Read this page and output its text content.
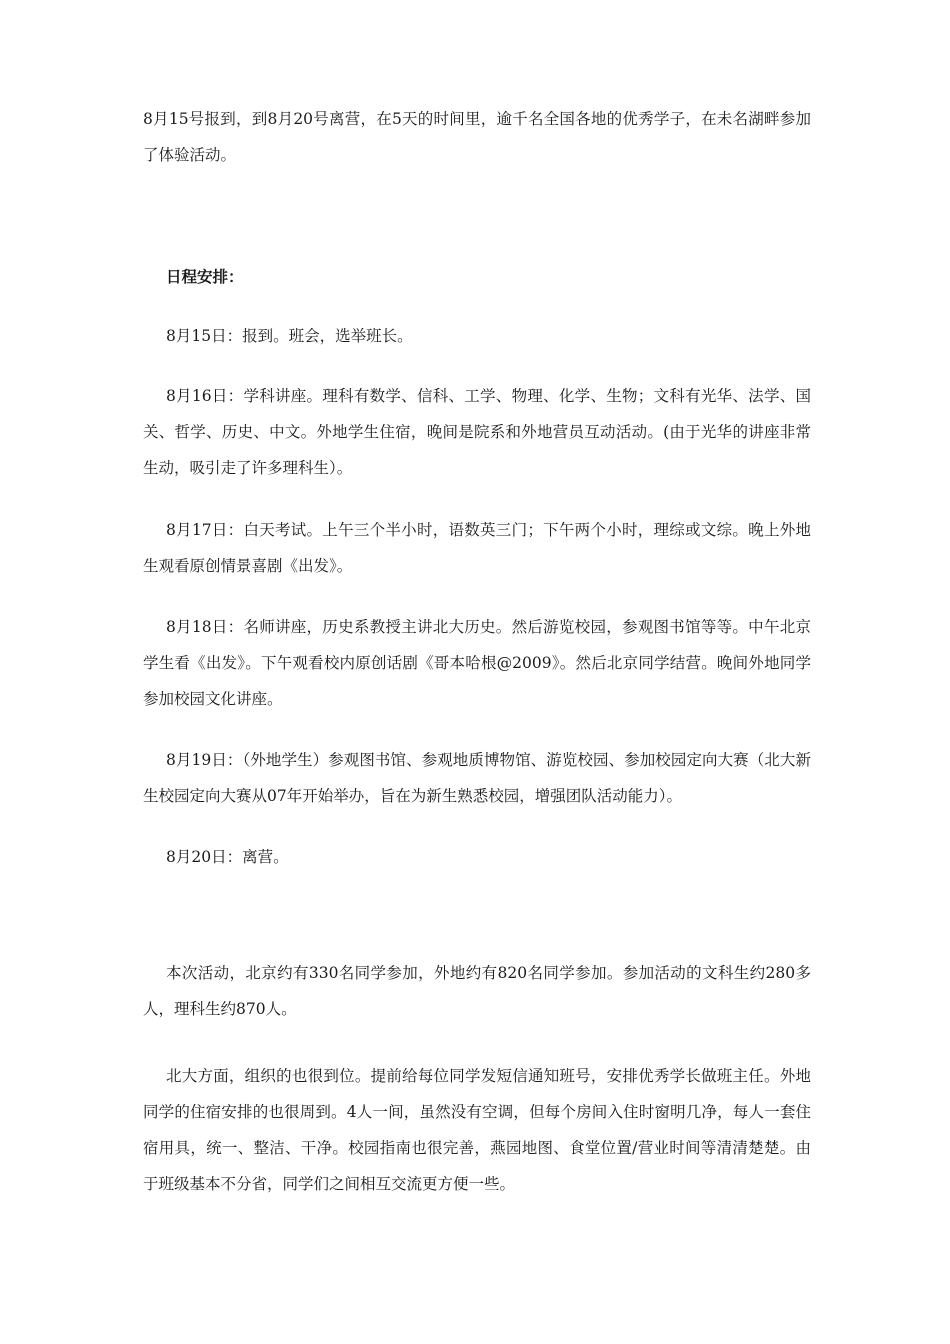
8月15号报到，到8月20号离营，在5天的时间里，逾千名全国各地的优秀学子，在未名湖畔参加了体验活动。

日程安排：

8月15日：报到。班会，选举班长。

8月16日：学科讲座。理科有数学、信科、工学、物理、化学、生物；文科有光华、法学、国关、哲学、历史、中文。外地学生住宿，晚间是院系和外地营员互动活动。(由于光华的讲座非常生动，吸引走了许多理科生）。

8月17日：白天考试。上午三个半小时，语数英三门；下午两个小时，理综或文综。晚上外地生观看原创情景喜剧《出发》。

8月18日：名师讲座，历史系教授主讲北大历史。然后游览校园，参观图书馆等等。中午北京学生看《出发》。下午观看校内原创话剧《哥本哈根@2009》。然后北京同学结营。晚间外地同学参加校园文化讲座。

8月19日：（外地学生）参观图书馆、参观地质博物馆、游览校园、参加校园定向大赛（北大新生校园定向大赛从07年开始举办，旨在为新生熟悉校园，增强团队活动能力）。

8月20日：离营。

本次活动，北京约有330名同学参加，外地约有820名同学参加。参加活动的文科生约280多人，理科生约870人。

北大方面，组织的也很到位。提前给每位同学发短信通知班号，安排优秀学长做班主任。外地同学的住宿安排的也很周到。4人一间，虽然没有空调，但每个房间入住时窗明几净，每人一套住宿用具，统一、整洁、干净。校园指南也很完善，燕园地图、食堂位置/营业时间等清清楚楚。由于班级基本不分省，同学们之间相互交流更方便一些。
